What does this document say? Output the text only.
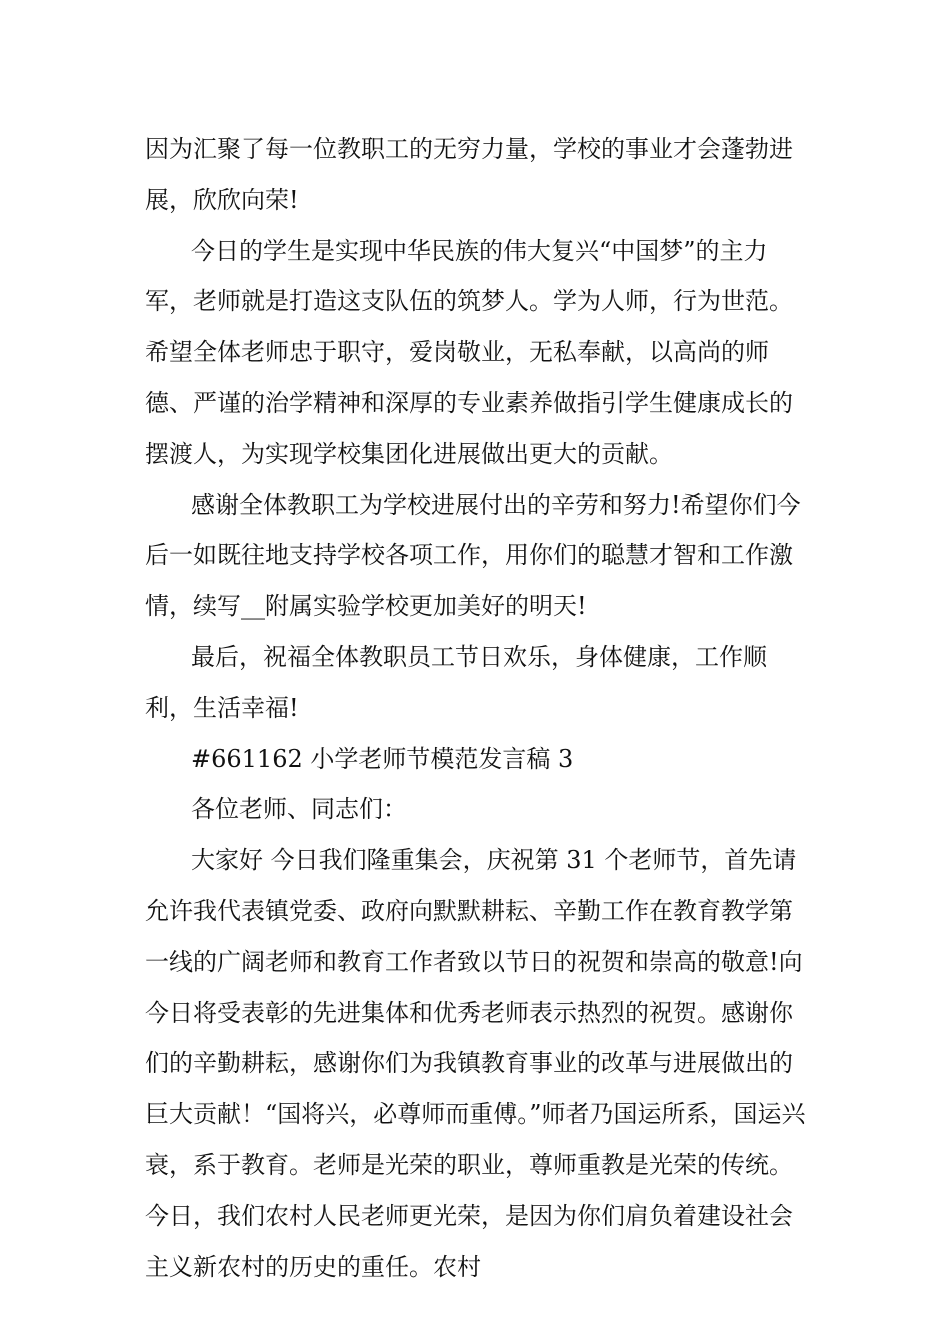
因为汇聚了每一位教职工的无穷力量，学校的事业才会蓬勃进展，欣欣向荣!

今日的学生是实现中华民族的伟大复兴“中国梦”的主力军，老师就是打造这支队伍的筑梦人。学为人师，行为世范。希望全体老师忠于职守，爱岗敬业，无私奉献，以高尚的师德、严谨的治学精神和深厚的专业素养做指引学生健康成长的摆渡人，为实现学校集团化进展做出更大的贡献。

感谢全体教职工为学校进展付出的辛劳和努力!希望你们今后一如既往地支持学校各项工作，用你们的聪慧才智和工作激情，续写__附属实验学校更加美好的明天!

最后，祝福全体教职员工节日欢乐，身体健康，工作顺利，生活幸福!

#661162 小学老师节模范发言稿 3

各位老师、同志们：

大家好 今日我们隆重集会，庆祝第 31 个老师节，首先请允许我代表镇党委、政府向默默耕耘、辛勤工作在教育教学第一线的广阔老师和教育工作者致以节日的祝贺和崇高的敬意!向今日将受表彰的先进集体和优秀老师表示热烈的祝贺。感谢你们的辛勤耕耘，感谢你们为我镇教育事业的改革与进展做出的巨大贡献！“国将兴，必尊师而重傅。”师者乃国运所系，国运兴衰，系于教育。老师是光荣的职业，尊师重教是光荣的传统。今日，我们农村人民老师更光荣，是因为你们肩负着建设社会主义新农村的历史的重任。农村
